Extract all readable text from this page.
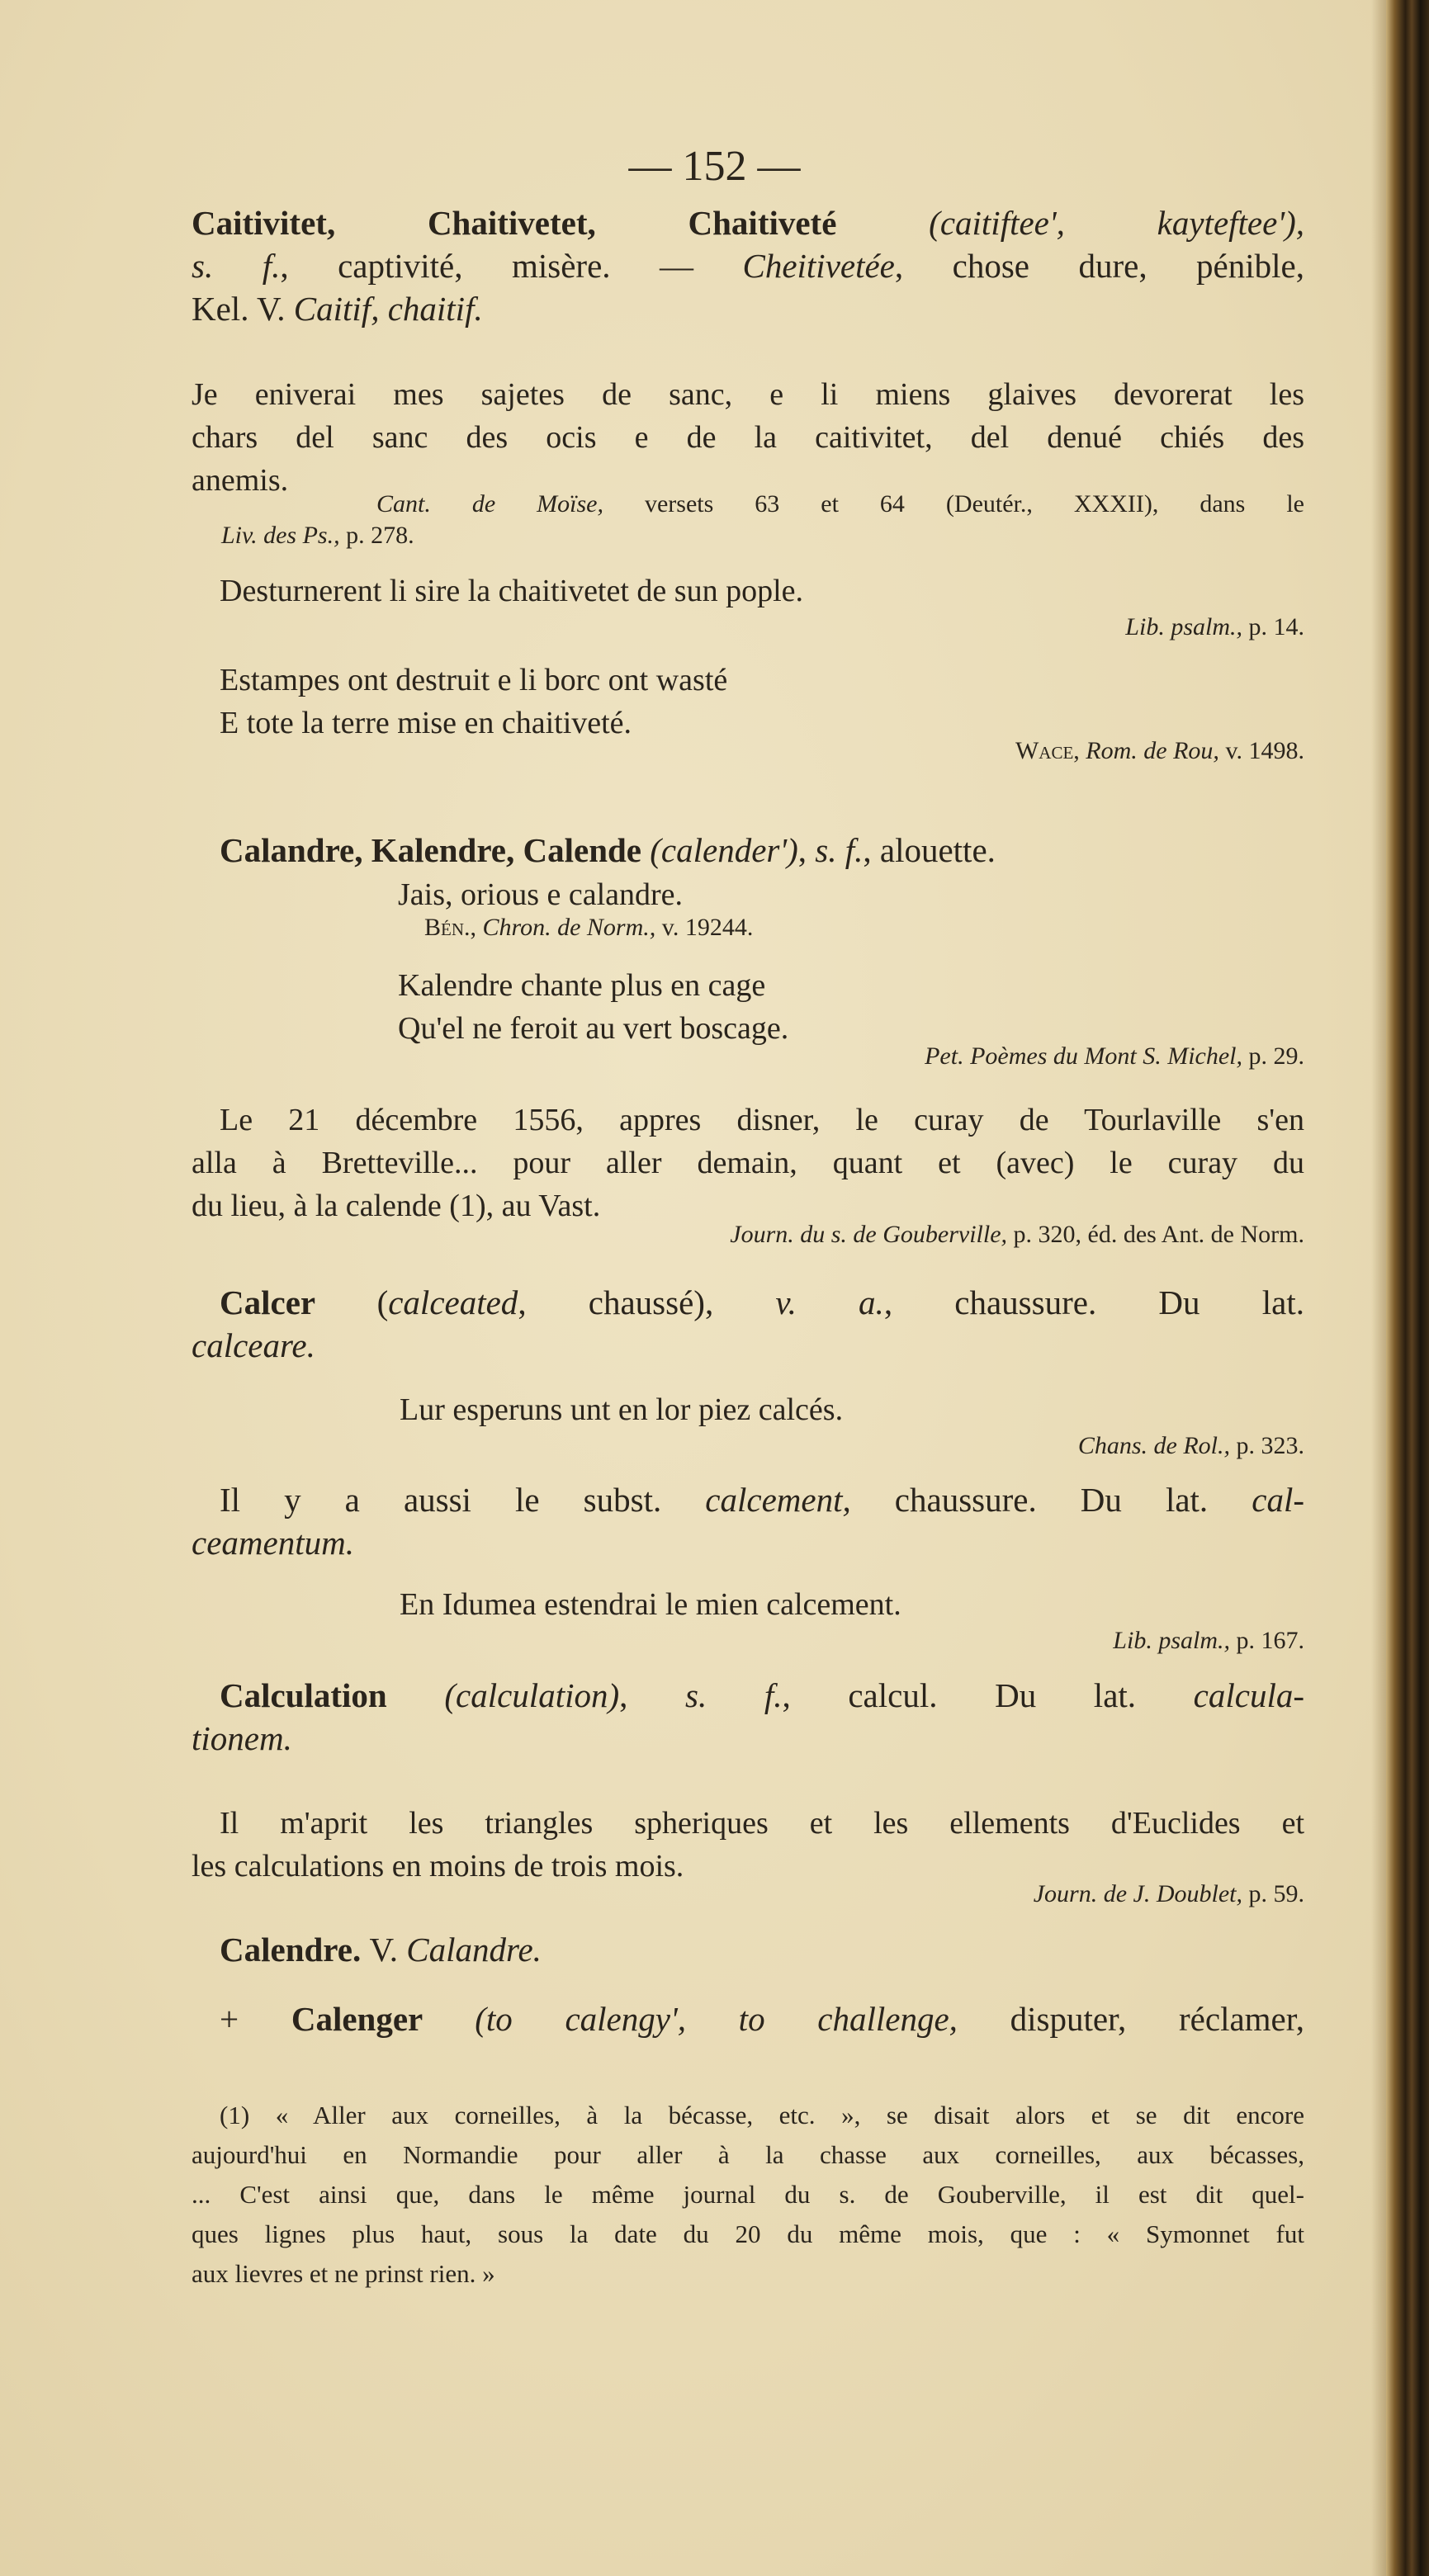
— 152 —
Caitivitet, Chaitivetet, Chaitiveté (caitiftee', kayteftee'),
s. f., captivité, misère. — Cheitivetée, chose dure, pénible,
Kel. V. Caitif, chaitif.
Je eniverai mes sajetes de sanc, e li miens glaives devorerat les
chars del sanc des ocis e de la caitivitet, del denué chiés des
anemis.
Cant. de Moïse, versets 63 et 64 (Deutér., XXXII), dans le
Liv. des Ps., p. 278.
Desturnerent li sire la chaitivetet de sun pople.
Lib. psalm., p. 14.
Estampes ont destruit e li borc ont wasté
E tote la terre mise en chaitiveté.
Wace, Rom. de Rou, v. 1498.
Calandre, Kalendre, Calende (calender'), s. f., alouette.
Jais, orious e calandre.
Bén., Chron. de Norm., v. 19244.
Kalendre chante plus en cage
Qu'el ne feroit au vert boscage.
Pet. Poèmes du Mont S. Michel, p. 29.
Le 21 décembre 1556, appres disner, le curay de Tourlaville s'en
alla à Bretteville... pour aller demain, quant et (avec) le curay du
du lieu, à la calende (1), au Vast.
Journ. du s. de Gouberville, p. 320, éd. des Ant. de Norm.
Calcer (calceated, chaussé), v. a., chaussure. Du lat.
calceare.
Lur esperuns unt en lor piez calcés.
Chans. de Rol., p. 323.
Il y a aussi le subst. calcement, chaussure. Du lat. cal-
ceamentum.
En Idumea estendrai le mien calcement.
Lib. psalm., p. 167.
Calculation (calculation), s. f., calcul. Du lat. calcula-
tionem.
Il m'aprit les triangles spheriques et les ellements d'Euclides et
les calculations en moins de trois mois.
Journ. de J. Doublet, p. 59.
Calendre. V. Calandre.
+ Calenger (to calengy', to challenge, disputer, réclamer,
(1) « Aller aux corneilles, à la bécasse, etc. », se disait alors et se dit encore
aujourd'hui en Normandie pour aller à la chasse aux corneilles, aux bécasses,
... C'est ainsi que, dans le même journal du s. de Gouberville, il est dit quel-
ques lignes plus haut, sous la date du 20 du même mois, que : « Symonnet fut
aux lievres et ne prinst rien. »
